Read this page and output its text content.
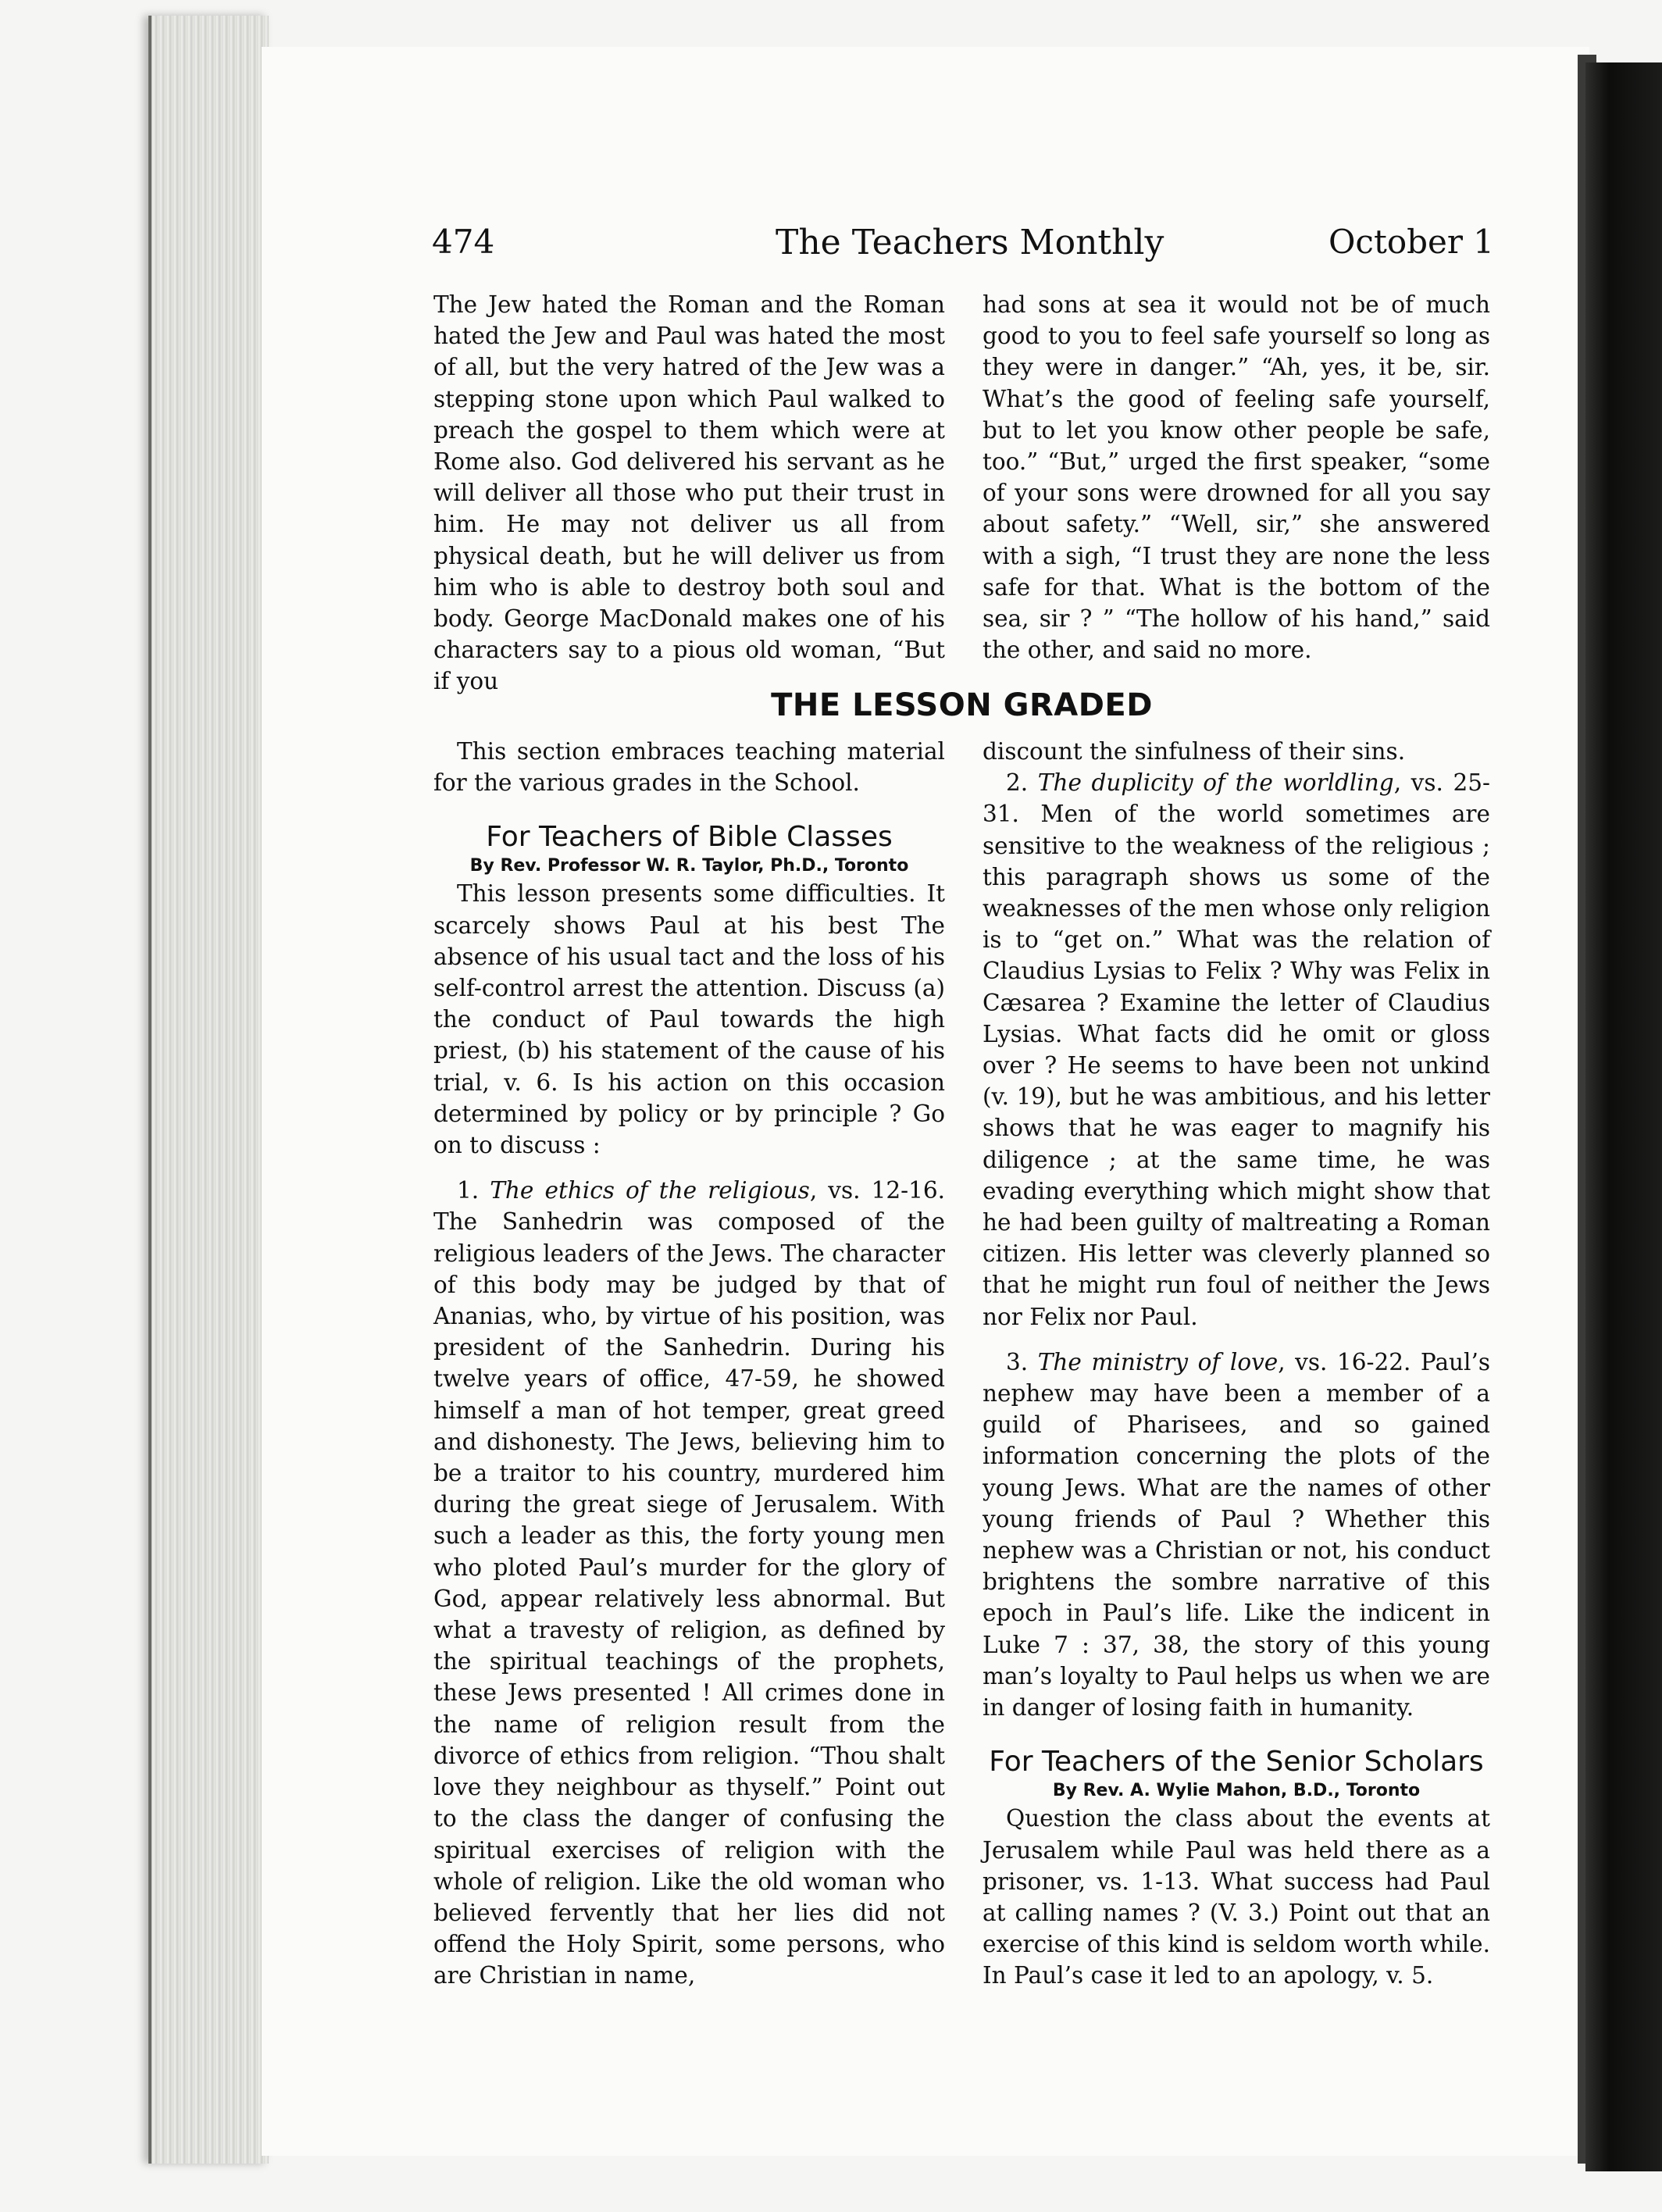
474	The Teachers Monthly	October 1

The Jew hated the Roman and the Roman hated the Jew and Paul was hated the most of all, but the very hatred of the Jew was a stepping stone upon which Paul walked to preach the gospel to them which were at Rome also. God delivered his servant as he will deliver all those who put their trust in him. He may not deliver us all from physical death, but he will deliver us from him who is able to destroy both soul and body. George MacDonald makes one of his characters say to a pious old woman, “But if you

had sons at sea it would not be of much good to you to feel safe yourself so long as they were in danger.” “Ah, yes, it be, sir. What’s the good of feeling safe yourself, but to let you know other people be safe, too.” “But,” urged the first speaker, “some of your sons were drowned for all you say about safety.” “Well, sir,” she answered with a sigh, “I trust they are none the less safe for that. What is the bottom of the sea, sir ? ” “The hollow of his hand,” said the other, and said no more.

THE LESSON GRADED

This section embraces teaching material for the various grades in the School.

For Teachers of Bible Classes
By Rev. Professor W. R. Taylor, Ph.D., Toronto

This lesson presents some difficulties. It scarcely shows Paul at his best The absence of his usual tact and the loss of his self-control arrest the attention. Discuss (a) the conduct of Paul towards the high priest, (b) his statement of the cause of his trial, v. 6. Is his action on this occasion determined by policy or by principle ? Go on to discuss :

1. The ethics of the religious, vs. 12-16. The Sanhedrin was composed of the religious leaders of the Jews. The character of this body may be judged by that of Ananias, who, by virtue of his position, was president of the Sanhedrin. During his twelve years of office, 47-59, he showed himself a man of hot temper, great greed and dishonesty. The Jews, believing him to be a traitor to his country, murdered him during the great siege of Jerusalem. With such a leader as this, the forty young men who ploted Paul’s murder for the glory of God, appear relatively less abnormal. But what a travesty of religion, as defined by the spiritual teachings of the prophets, these Jews presented ! All crimes done in the name of religion result from the divorce of ethics from religion. “Thou shalt love they neighbour as thyself.” Point out to the class the danger of confusing the spiritual exercises of religion with the whole of religion. Like the old woman who believed fervently that her lies did not offend the Holy Spirit, some persons, who are Christian in name,

discount the sinfulness of their sins.

2. The duplicity of the worldling, vs. 25-31. Men of the world sometimes are sensitive to the weakness of the religious ; this paragraph shows us some of the weaknesses of the men whose only religion is to “get on.” What was the relation of Claudius Lysias to Felix ? Why was Felix in Cæsarea ? Examine the letter of Claudius Lysias. What facts did he omit or gloss over ? He seems to have been not unkind (v. 19), but he was ambitious, and his letter shows that he was eager to magnify his diligence ; at the same time, he was evading everything which might show that he had been guilty of maltreating a Roman citizen. His letter was cleverly planned so that he might run foul of neither the Jews nor Felix nor Paul.

3. The ministry of love, vs. 16-22. Paul’s nephew may have been a member of a guild of Pharisees, and so gained information concerning the plots of the young Jews. What are the names of other young friends of Paul ? Whether this nephew was a Christian or not, his conduct brightens the sombre narrative of this epoch in Paul’s life. Like the indicent in Luke 7 : 37, 38, the story of this young man’s loyalty to Paul helps us when we are in danger of losing faith in humanity.

For Teachers of the Senior Scholars
By Rev. A. Wylie Mahon, B.D., Toronto

Question the class about the events at Jerusalem while Paul was held there as a prisoner, vs. 1-13. What success had Paul at calling names ? (V. 3.) Point out that an exercise of this kind is seldom worth while. In Paul’s case it led to an apology, v. 5.
